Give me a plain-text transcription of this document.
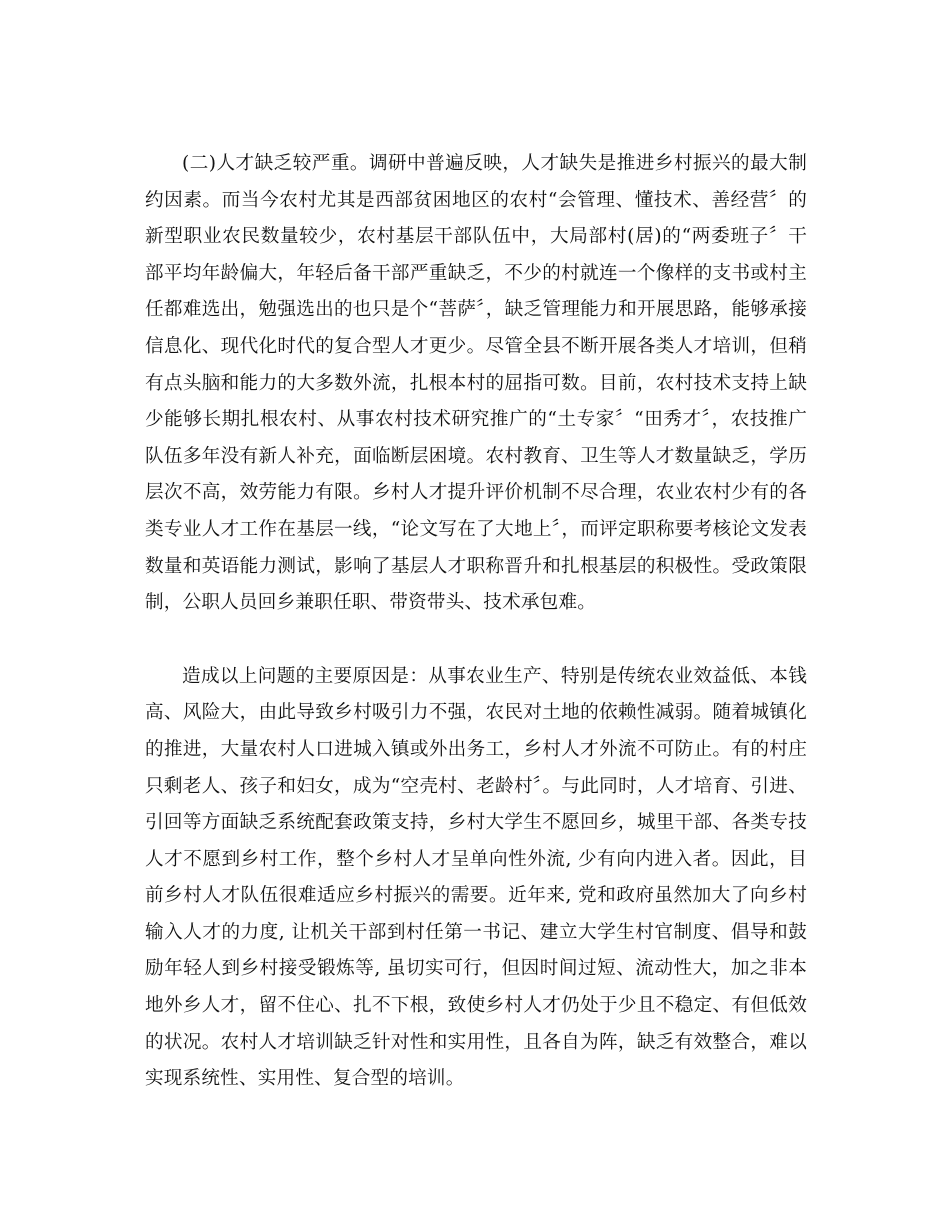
(二)人才缺乏较严重。调研中普遍反映，人才缺失是推进乡村振兴的最大制约因素。而当今农村尤其是西部贫困地区的农村“会管理、懂技术、善经营〞的新型职业农民数量较少，农村基层干部队伍中，大局部村(居)的“两委班子〞干部平均年龄偏大，年轻后备干部严重缺乏，不少的村就连一个像样的支书或村主任都难选出，勉强选出的也只是个“菩萨〞，缺乏管理能力和开展思路，能够承接信息化、现代化时代的复合型人才更少。尽管全县不断开展各类人才培训，但稍有点头脑和能力的大多数外流，扎根本村的屈指可数。目前，农村技术支持上缺少能够长期扎根农村、从事农村技术研究推广的“土专家〞“田秀才〞，农技推广队伍多年没有新人补充，面临断层困境。农村教育、卫生等人才数量缺乏，学历层次不高，效劳能力有限。乡村人才提升评价机制不尽合理，农业农村少有的各类专业人才工作在基层一线，“论文写在了大地上〞，而评定职称要考核论文发表数量和英语能力测试，影响了基层人才职称晋升和扎根基层的积极性。受政策限制，公职人员回乡兼职任职、带资带头、技术承包难。

造成以上问题的主要原因是：从事农业生产、特别是传统农业效益低、本钱高、风险大，由此导致乡村吸引力不强，农民对土地的依赖性减弱。随着城镇化的推进，大量农村人口进城入镇或外出务工，乡村人才外流不可防止。有的村庄只剩老人、孩子和妇女，成为“空壳村、老龄村〞。与此同时，人才培育、引进、引回等方面缺乏系统配套政策支持，乡村大学生不愿回乡，城里干部、各类专技人才不愿到乡村工作，整个乡村人才呈单向性外流, 少有向内进入者。因此，目前乡村人才队伍很难适应乡村振兴的需要。近年来, 党和政府虽然加大了向乡村输入人才的力度, 让机关干部到村任第一书记、建立大学生村官制度、倡导和鼓励年轻人到乡村接受锻炼等, 虽切实可行，但因时间过短、流动性大，加之非本地外乡人才，留不住心、扎不下根，致使乡村人才仍处于少且不稳定、有但低效的状况。农村人才培训缺乏针对性和实用性，且各自为阵，缺乏有效整合，难以实现系统性、实用性、复合型的培训。
